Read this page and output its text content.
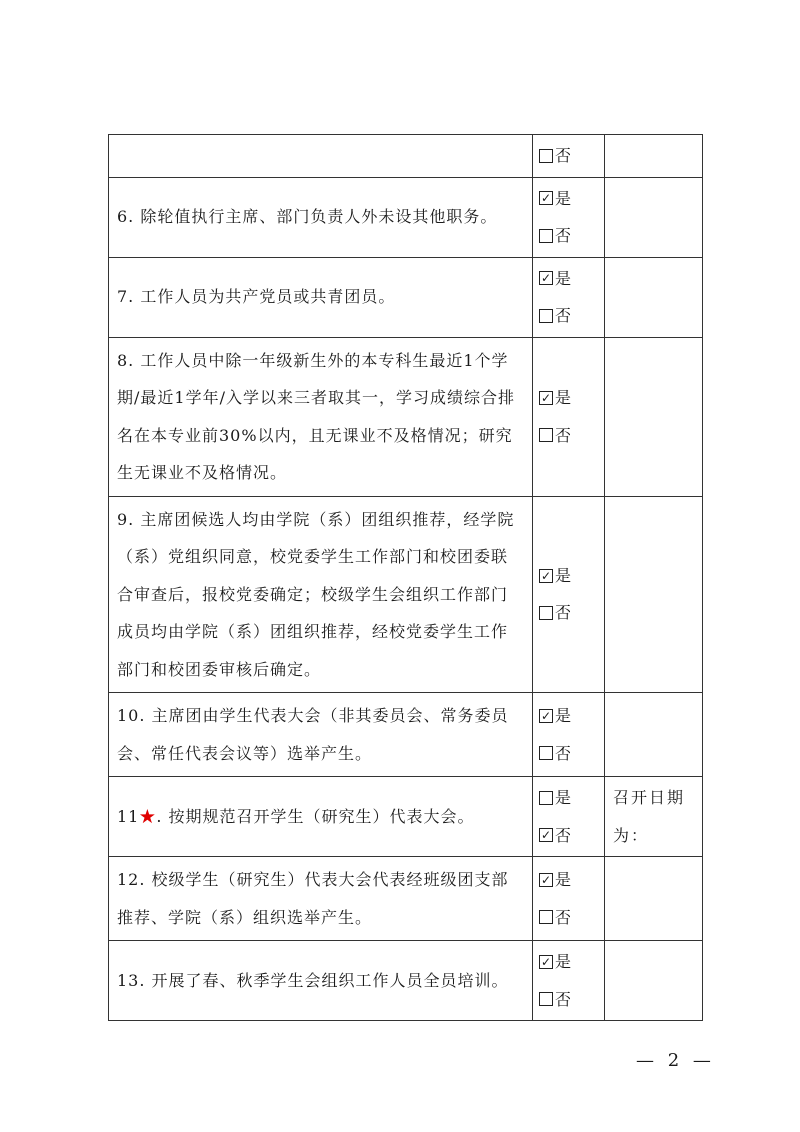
	否	

6. 除轮值执行主席、部门负责人外未设其他职务。	✓ 是
否	

7. 工作人员为共产党员或共青团员。	✓ 是
否	

8. 工作人员中除一年级新生外的本专科生最近1个学期/最近1学年/入学以来三者取其一，学习成绩综合排名在本专业前30%以内，且无课业不及格情况；研究生无课业不及格情况。	✓ 是
否	

9. 主席团候选人均由学院（系）团组织推荐，经学院（系）党组织同意，校党委学生工作部门和校团委联合审查后，报校党委确定；校级学生会组织工作部门成员均由学院（系）团组织推荐，经校党委学生工作部门和校团委审核后确定。	✓ 是
否	

10. 主席团由学生代表大会（非其委员会、常务委员会、常任代表会议等）选举产生。	✓ 是
否	

11★. 按期规范召开学生（研究生）代表大会。	是
✓ 否	召开日期为：
12. 校级学生（研究生）代表大会代表经班级团支部推荐、学院（系）组织选举产生。	✓ 是
否	

13. 开展了春、秋季学生会组织工作人员全员培训。	✓ 是
否	

— 2 —
